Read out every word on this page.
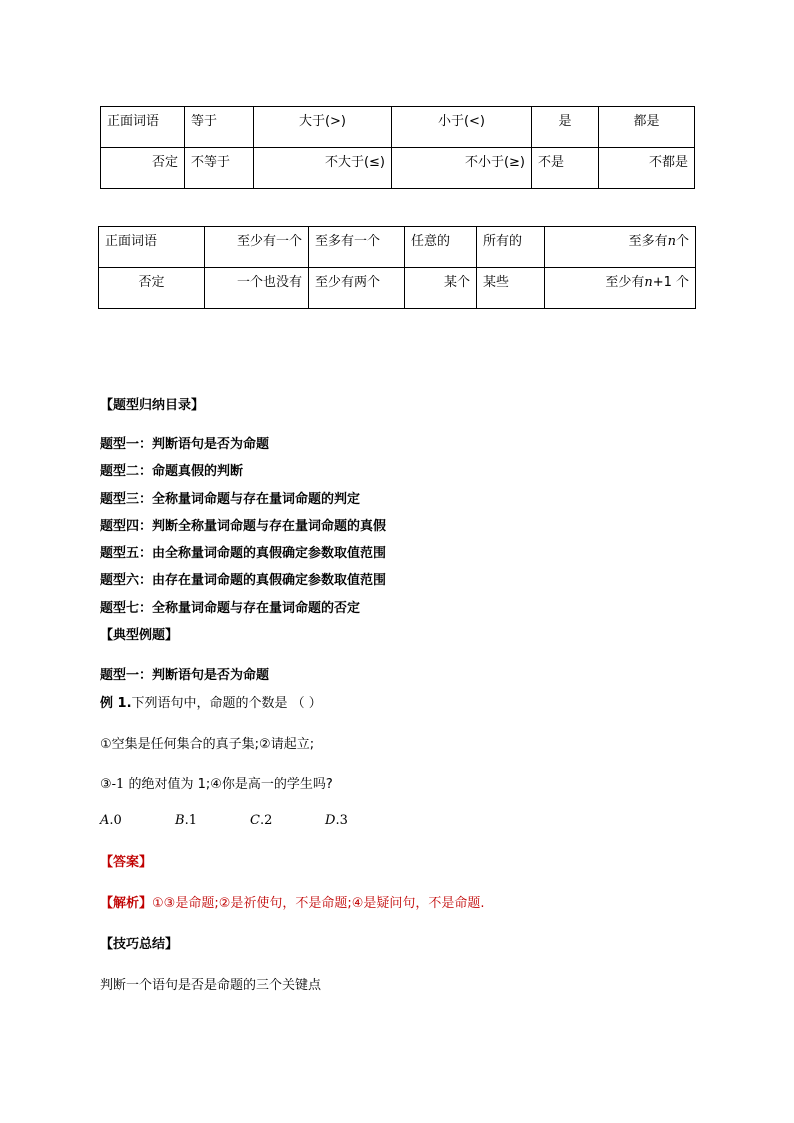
正面词语	等于	大于(>)	小于(<)	是	都是
否定	不等于	不大于(≤)	不小于(≥)	不是	不都是
正面词语	至少有一个	至多有一个	任意的	所有的	至多有n个
否定	一个也没有	至少有两个	某个	某些	至少有n+1 个
【题型归纳目录】
题型一：判断语句是否为命题
题型二：命题真假的判断
题型三：全称量词命题与存在量词命题的判定
题型四：判断全称量词命题与存在量词命题的真假
题型五：由全称量词命题的真假确定参数取值范围
题型六：由存在量词命题的真假确定参数取值范围
题型七：全称量词命题与存在量词命题的否定
【典型例题】
题型一：判断语句是否为命题
例 1.下列语句中，命题的个数是 （ ）
①空集是任何集合的真子集;②请起立;
③-1 的绝对值为 1;④你是高一的学生吗?
A.0	B.1	C.2	D.3
【答案】
【解析】①③是命题;②是祈使句，不是命题;④是疑问句，不是命题.
【技巧总结】
判断一个语句是否是命题的三个关键点
